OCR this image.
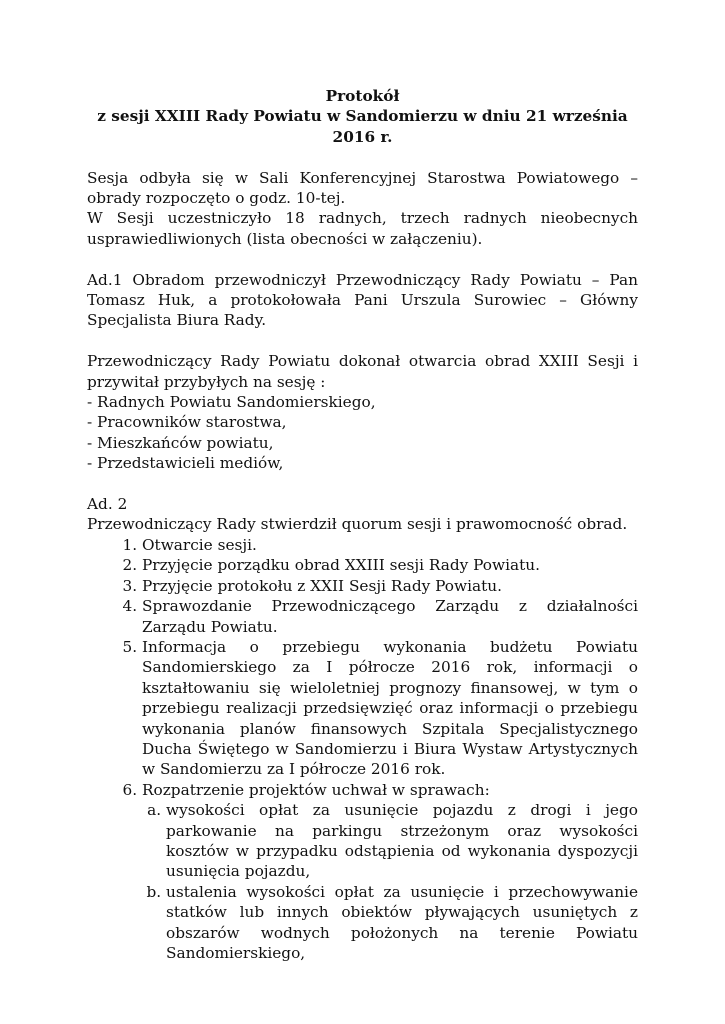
Protokół
z sesji XXIII Rady Powiatu w Sandomierzu w dniu 21 września 2016 r.
Sesja odbyła się w Sali Konferencyjnej Starostwa Powiatowego – obrady rozpoczęto o godz. 10-tej.
W Sesji uczestniczyło 18 radnych, trzech radnych nieobecnych usprawiedliwionych (lista obecności w załączeniu).
Ad.1 Obradom przewodniczył Przewodniczący Rady Powiatu – Pan Tomasz Huk, a protokołowała Pani Urszula Surowiec – Główny Specjalista Biura Rady.
Przewodniczący Rady Powiatu dokonał otwarcia obrad XXIII Sesji i przywitał przybyłych na sesję :
- Radnych Powiatu Sandomierskiego,
- Pracowników starostwa,
- Mieszkańców powiatu,
- Przedstawicieli mediów,
Ad. 2
Przewodniczący Rady stwierdził quorum sesji i prawomocność obrad.
1. Otwarcie sesji.
2. Przyjęcie porządku obrad XXIII sesji Rady Powiatu.
3. Przyjęcie protokołu z XXII Sesji Rady Powiatu.
4. Sprawozdanie Przewodniczącego Zarządu z działalności Zarządu Powiatu.
5. Informacja o przebiegu wykonania budżetu Powiatu Sandomierskiego za I półrocze 2016 rok, informacji o kształtowaniu się wieloletniej prognozy finansowej, w tym o przebiegu realizacji przedsięwzięć oraz informacji o przebiegu wykonania planów finansowych Szpitala Specjalistycznego Ducha Świętego w Sandomierzu i Biura Wystaw Artystycznych w Sandomierzu za I półrocze 2016 rok.
6. Rozpatrzenie projektów uchwał w sprawach:
a. wysokości opłat za usunięcie pojazdu z drogi i jego parkowanie na parkingu strzeżonym oraz wysokości kosztów w przypadku odstąpienia od wykonania dyspozycji usunięcia pojazdu,
b. ustalenia wysokości opłat za usunięcie i przechowywanie statków lub innych obiektów pływających usuniętych z obszarów wodnych położonych na terenie Powiatu Sandomierskiego,
